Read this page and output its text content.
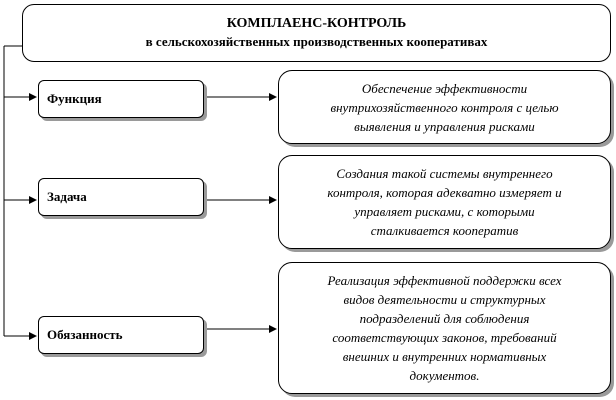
КОМПЛАЕНС-КОНТРОЛЬ
в сельскохозяйственных производственных кооперативах
Функция
Обеспечение эффективности
внутрихозяйственного контроля с целью
выявления и управления рисками
Задача
Создания такой системы внутреннего
контроля, которая адекватно измеряет и
управляет рисками, с которыми
сталкивается кооператив
Обязанность
Реализация эффективной поддержки всех
видов деятельности и структурных
подразделений для соблюдения
соответствующих законов, требований
внешних и внутренних нормативных
документов.
